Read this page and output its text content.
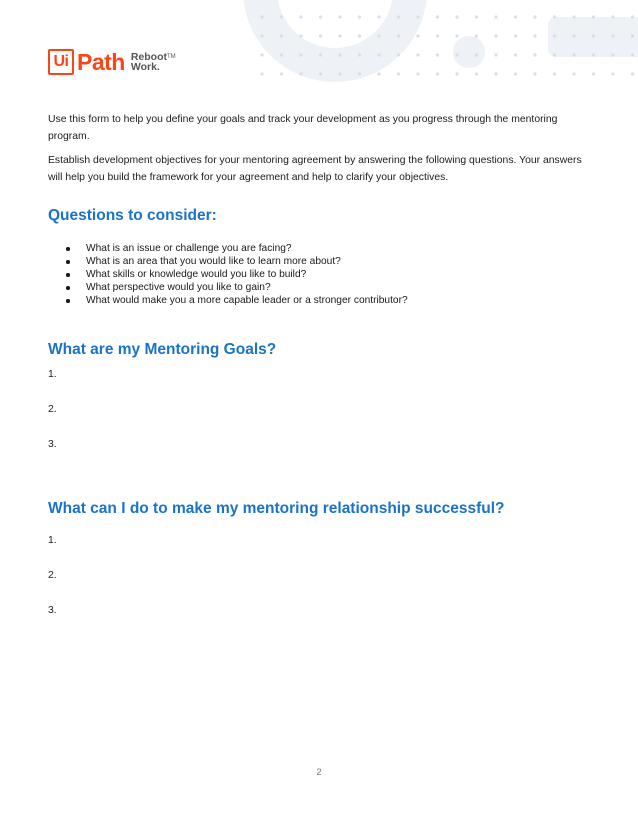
Ui Path Reboot™
Work.
Use this form to help you define your goals and track your development as you progress through the mentoring program.
Establish development objectives for your mentoring agreement by answering the following questions. Your answers will help you build the framework for your agreement and help to clarify your objectives.
Questions to consider:
What is an issue or challenge you are facing?
What is an area that you would like to learn more about?
What skills or knowledge would you like to build?
What perspective would you like to gain?
What would make you a more capable leader or a stronger contributor?
What are my Mentoring Goals?
1.
2.
3.
What can I do to make my mentoring relationship successful?
1.
2.
3.
2
